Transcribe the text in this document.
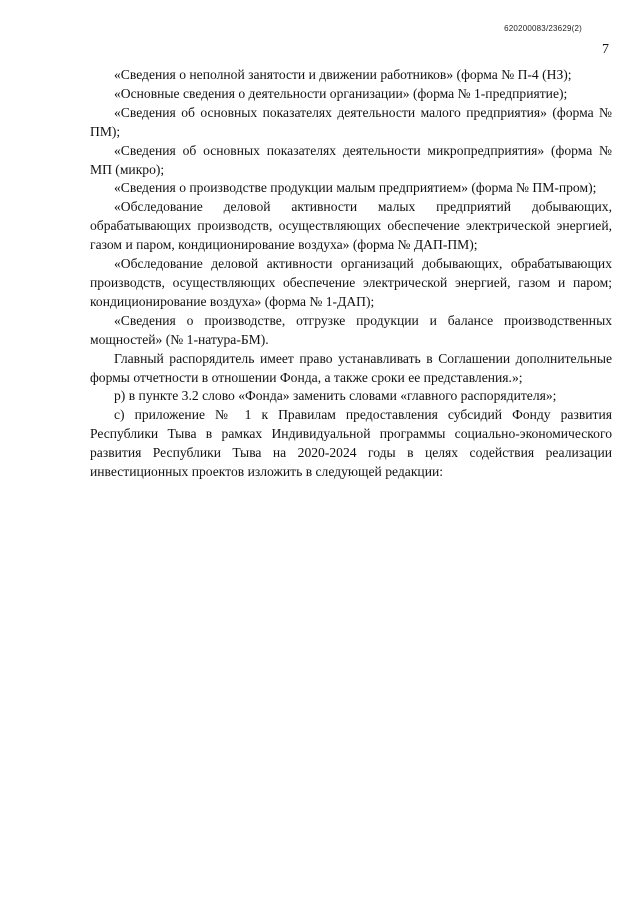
620200083/23629(2)
7

«Сведения о неполной занятости и движении работников» (форма № П-4 (НЗ);

«Основные сведения о деятельности организации» (форма № 1-предприятие);

«Сведения об основных показателях деятельности малого предприятия» (форма № ПМ);

«Сведения об основных показателях деятельности микропредприятия» (форма № МП (микро);

«Сведения о производстве продукции малым предприятием» (форма № ПМ-пром);

«Обследование деловой активности малых предприятий добывающих, обрабатывающих производств, осуществляющих обеспечение электрической энергией, газом и паром, кондиционирование воздуха» (форма № ДАП-ПМ);

«Обследование деловой активности организаций добывающих, обрабатывающих производств, осуществляющих обеспечение электрической энергией, газом и паром; кондиционирование воздуха» (форма № 1-ДАП);

«Сведения о производстве, отгрузке продукции и балансе производственных мощностей» (№ 1-натура-БМ).

Главный распорядитель имеет право устанавливать в Соглашении дополнительные формы отчетности в отношении Фонда, а также сроки ее представления.»;

р) в пункте 3.2 слово «Фонда» заменить словами «главного распорядителя»;

с) приложение № 1 к Правилам предоставления субсидий Фонду развития Республики Тыва в рамках Индивидуальной программы социально-экономического развития Республики Тыва на 2020-2024 годы в целях содействия реализации инвестиционных проектов изложить в следующей редакции:
